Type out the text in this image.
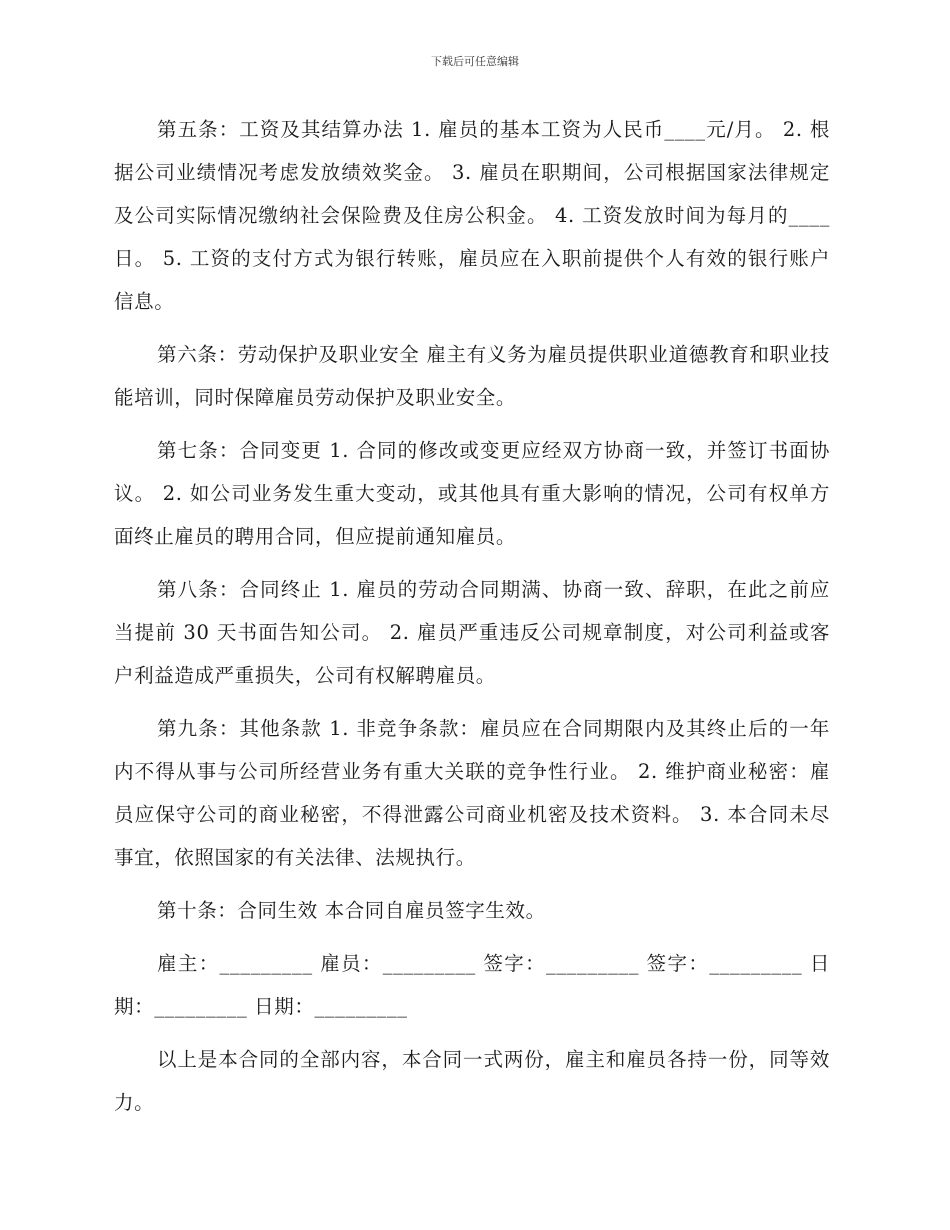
下载后可任意编辑

第五条：工资及其结算办法 1. 雇员的基本工资为人民币____元/月。 2. 根据公司业绩情况考虑发放绩效奖金。 3. 雇员在职期间，公司根据国家法律规定及公司实际情况缴纳社会保险费及住房公积金。 4. 工资发放时间为每月的____日。 5. 工资的支付方式为银行转账，雇员应在入职前提供个人有效的银行账户信息。

第六条：劳动保护及职业安全 雇主有义务为雇员提供职业道德教育和职业技能培训，同时保障雇员劳动保护及职业安全。

第七条：合同变更 1. 合同的修改或变更应经双方协商一致，并签订书面协议。 2. 如公司业务发生重大变动，或其他具有重大影响的情况，公司有权单方面终止雇员的聘用合同，但应提前通知雇员。

第八条：合同终止 1. 雇员的劳动合同期满、协商一致、辞职，在此之前应当提前 30 天书面告知公司。 2. 雇员严重违反公司规章制度，对公司利益或客户利益造成严重损失，公司有权解聘雇员。

第九条：其他条款 1. 非竞争条款：雇员应在合同期限内及其终止后的一年内不得从事与公司所经营业务有重大关联的竞争性行业。 2. 维护商业秘密：雇员应保守公司的商业秘密，不得泄露公司商业机密及技术资料。 3. 本合同未尽事宜，依照国家的有关法律、法规执行。

第十条：合同生效 本合同自雇员签字生效。

雇主：_________ 雇员：_________ 签字：_________ 签字：_________ 日期：_________ 日期：_________

以上是本合同的全部内容，本合同一式两份，雇主和雇员各持一份，同等效力。
